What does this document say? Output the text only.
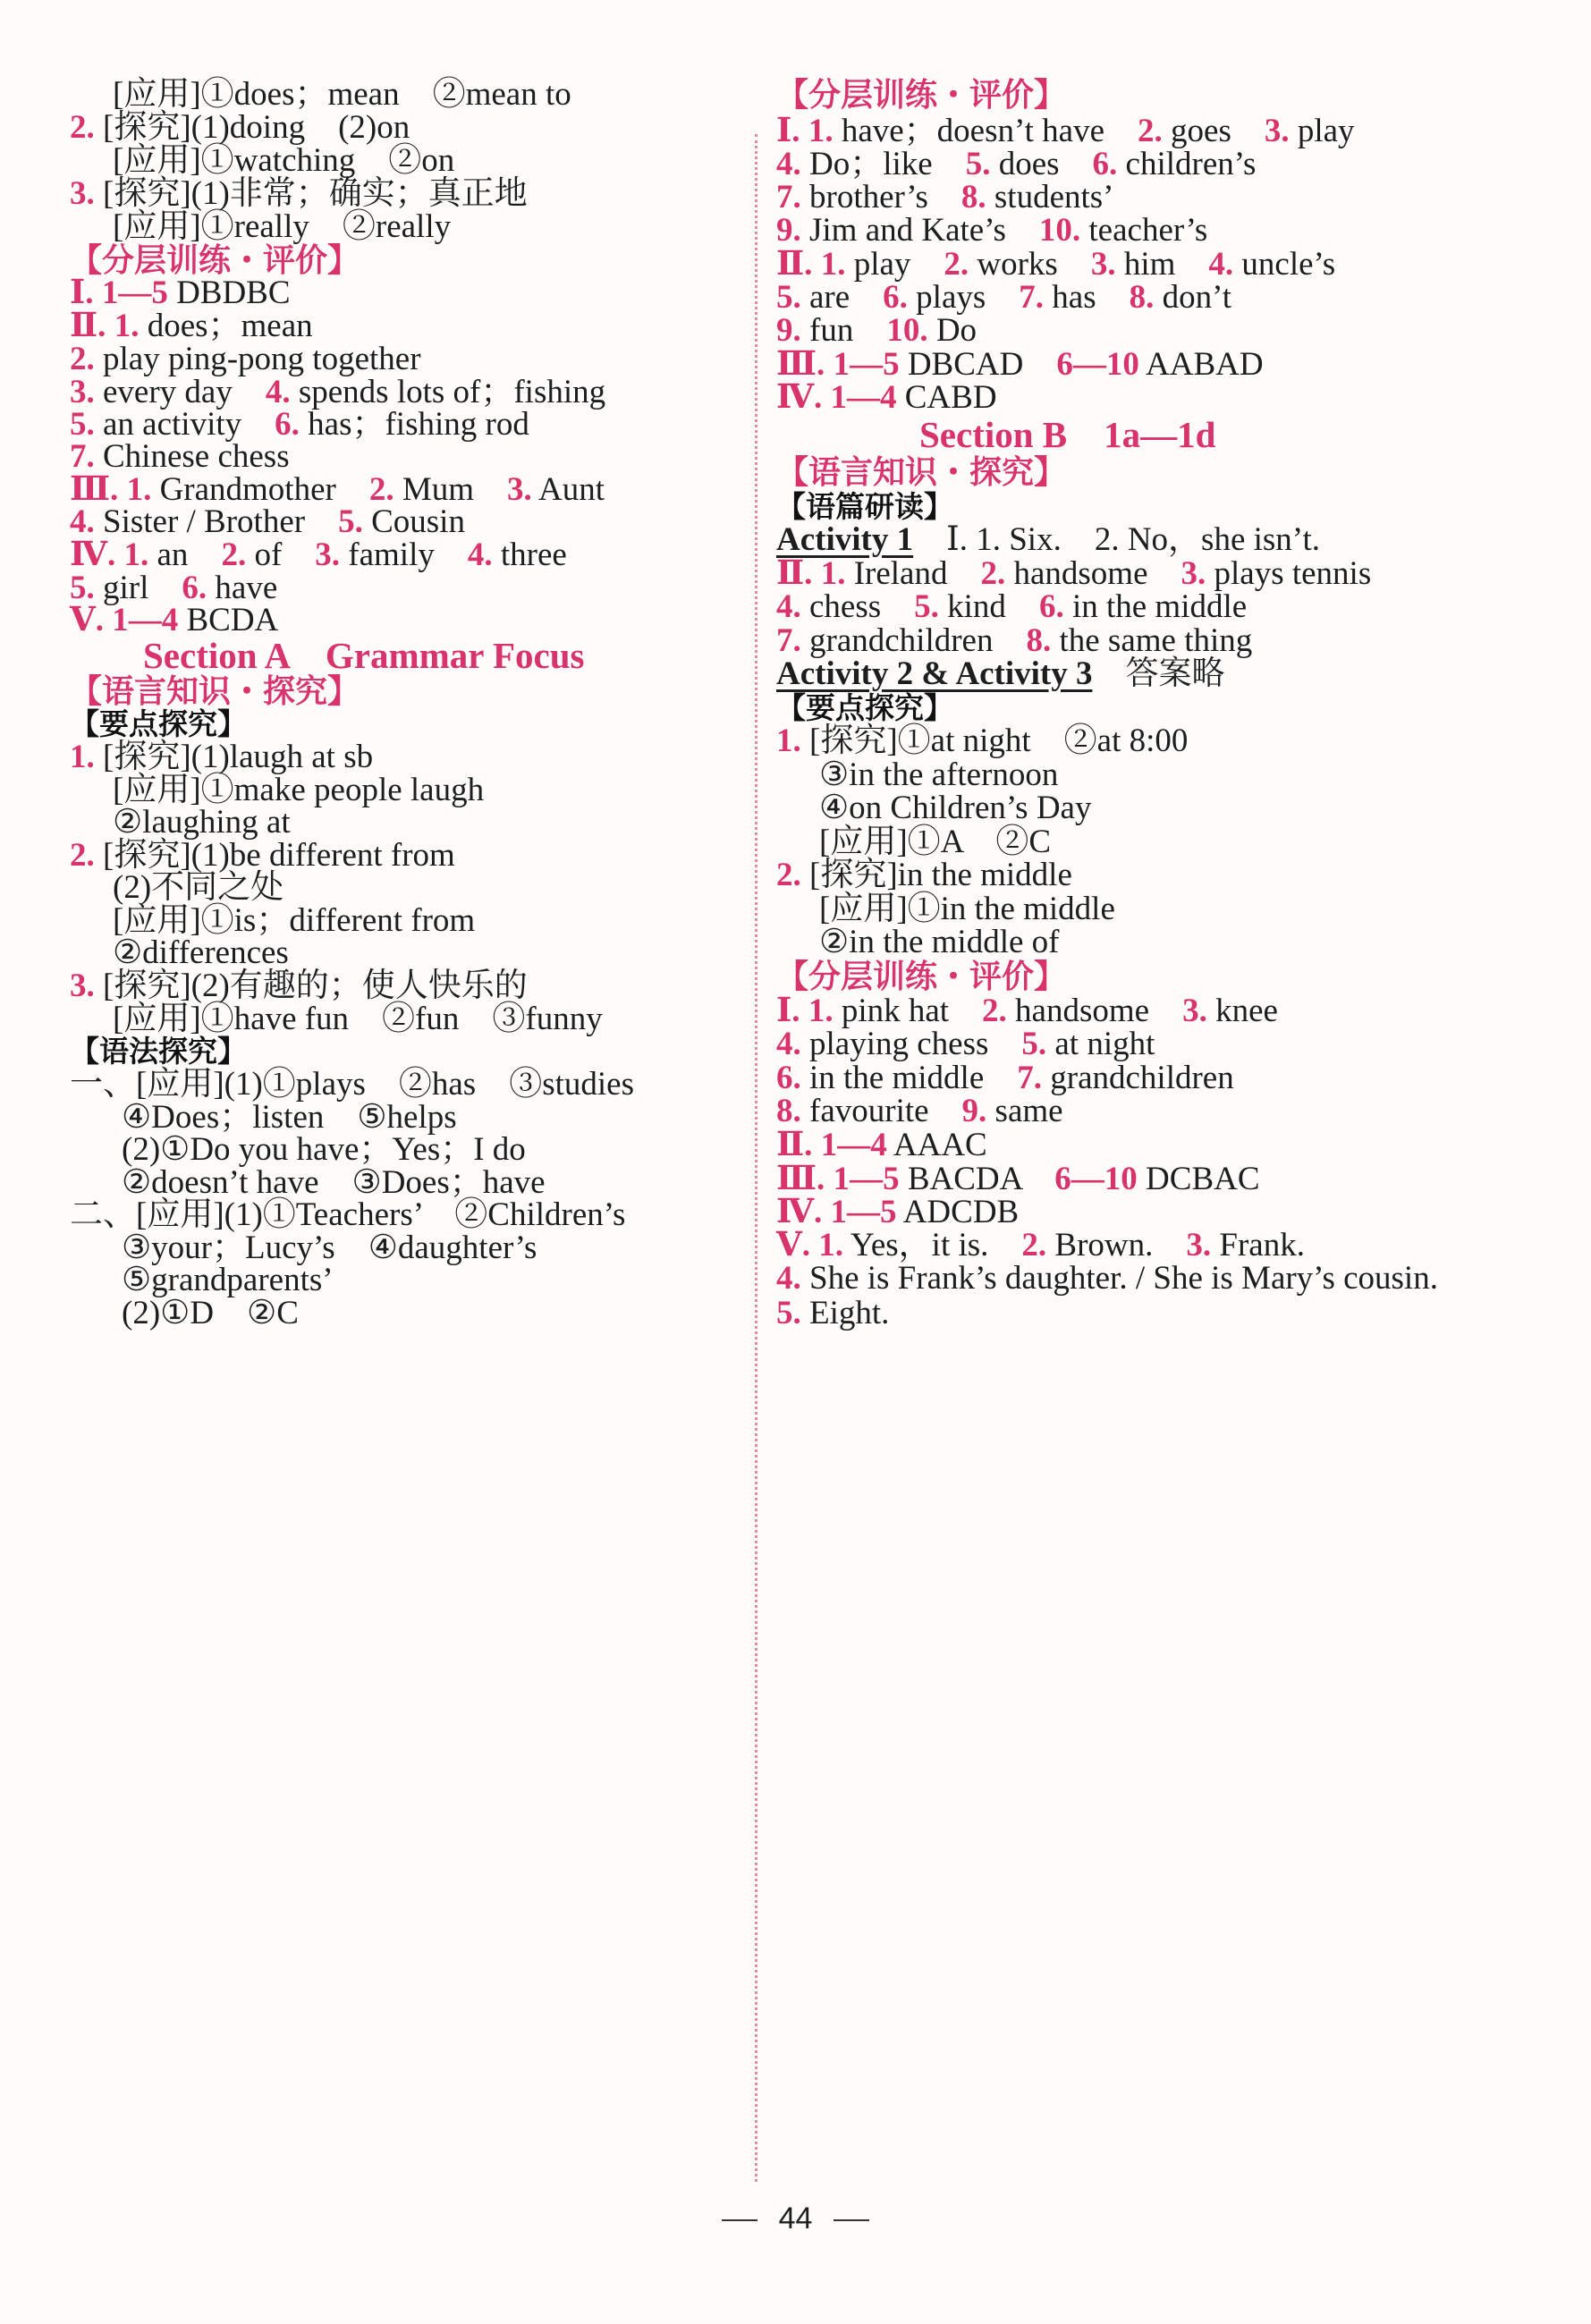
[应用]①does；mean　②mean to
2. [探究](1)doing　(2)on
[应用]①watching　②on
3. [探究](1)非常；确实；真正地
[应用]①really　②really
【分层训练・评价】
Ⅰ. 1—5 DBDBC
Ⅱ. 1. does；mean
2. play ping-pong together
3. every day　4. spends lots of；fishing
5. an activity　6. has；fishing rod
7. Chinese chess
Ⅲ. 1. Grandmother　2. Mum　3. Aunt
4. Sister / Brother　5. Cousin
Ⅳ. 1. an　2. of　3. family　4. three
5. girl　6. have
Ⅴ. 1—4 BCDA
Section A　Grammar Focus
【语言知识・探究】
【要点探究】
1. [探究](1)laugh at sb
[应用]①make people laugh
②laughing at
2. [探究](1)be different from
(2)不同之处
[应用]①is；different from
②differences
3. [探究](2)有趣的；使人快乐的
[应用]①have fun　②fun　③funny
【语法探究】
一、[应用](1)①plays　②has　③studies
④Does；listen　⑤helps
(2)①Do you have；Yes；I do
②doesn’t have　③Does；have
二、[应用](1)①Teachers’　②Children’s
③your；Lucy’s　④daughter’s
⑤grandparents’
(2)①D　②C
【分层训练・评价】
Ⅰ. 1. have；doesn’t have　2. goes　3. play
4. Do；like　5. does　6. children’s
7. brother’s　8. students’
9. Jim and Kate’s　10. teacher’s
Ⅱ. 1. play　2. works　3. him　4. uncle’s
5. are　6. plays　7. has　8. don’t
9. fun　10. Do
Ⅲ. 1—5 DBCAD　6—10 AABAD
Ⅳ. 1—4 CABD
Section B　1a—1d
【语言知识・探究】
【语篇研读】
Activity 1　Ⅰ. 1. Six.　2. No，she isn’t.
Ⅱ. 1. Ireland　2. handsome　3. plays tennis
4. chess　5. kind　6. in the middle
7. grandchildren　8. the same thing
Activity 2 & Activity 3　答案略
【要点探究】
1. [探究]①at night　②at 8:00
③in the afternoon
④on Children’s Day
[应用]①A　②C
2. [探究]in the middle
[应用]①in the middle
②in the middle of
【分层训练・评价】
Ⅰ. 1. pink hat　2. handsome　3. knee
4. playing chess　5. at night
6. in the middle　7. grandchildren
8. favourite　9. same
Ⅱ. 1—4 AAAC
Ⅲ. 1—5 BACDA　6—10 DCBAC
Ⅳ. 1—5 ADCDB
Ⅴ. 1. Yes，it is.　2. Brown.　3. Frank.
4. She is Frank’s daughter. / She is Mary’s cousin.
5. Eight.
44
